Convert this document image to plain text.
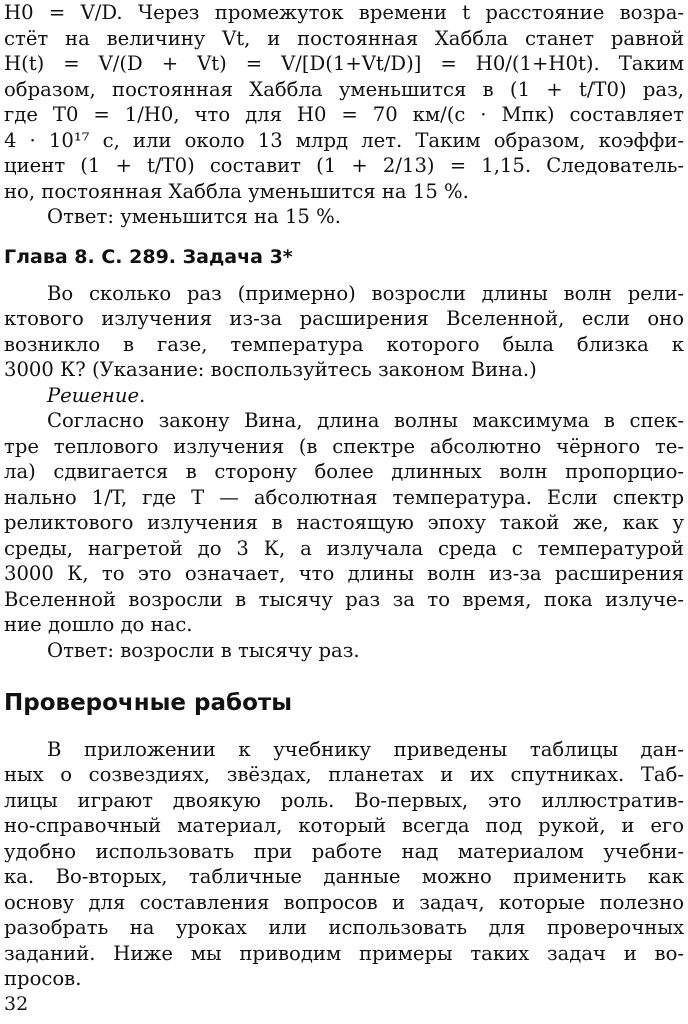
H0 = V/D. Через промежуток времени t расстояние возра-

стёт на величину Vt, и постоянная Хаббла станет равной

H(t) = V/(D + Vt) = V/[D(1+Vt/D)] = H0/(1+H0t). Таким

образом, постоянная Хаббла уменьшится в (1 + t/T0) раз,

где T0 = 1/H0, что для H0 = 70 км/(с · Мпк) составляет

4 · 10¹⁷ с, или около 13 млрд лет. Таким образом, коэффи-

циент (1 + t/T0) составит (1 + 2/13) = 1,15. Следователь-

но, постоянная Хаббла уменьшится на 15 %.

Ответ: уменьшится на 15 %.

Глава 8. С. 289. Задача 3*

Во сколько раз (примерно) возросли длины волн рели-

ктового излучения из-за расширения Вселенной, если оно

возникло в газе, температура которого была близка к

3000 К? (Указание: воспользуйтесь законом Вина.)

Решение.

Согласно закону Вина, длина волны максимума в спек-

тре теплового излучения (в спектре абсолютно чёрного те-

ла) сдвигается в сторону более длинных волн пропорцио-

нально 1/T, где T — абсолютная температура. Если спектр

реликтового излучения в настоящую эпоху такой же, как у

среды, нагретой до 3 К, а излучала среда с температурой

3000 К, то это означает, что длины волн из-за расширения

Вселенной возросли в тысячу раз за то время, пока излуче-

ние дошло до нас.

Ответ: возросли в тысячу раз.

Проверочные работы

В приложении к учебнику приведены таблицы дан-

ных о созвездиях, звёздах, планетах и их спутниках. Таб-

лицы играют двоякую роль. Во-первых, это иллюстратив-

но-справочный материал, который всегда под рукой, и его

удобно использовать при работе над материалом учебни-

ка. Во-вторых, табличные данные можно применить как

основу для составления вопросов и задач, которые полезно

разобрать на уроках или использовать для проверочных

заданий. Ниже мы приводим примеры таких задач и во-

просов.

32
